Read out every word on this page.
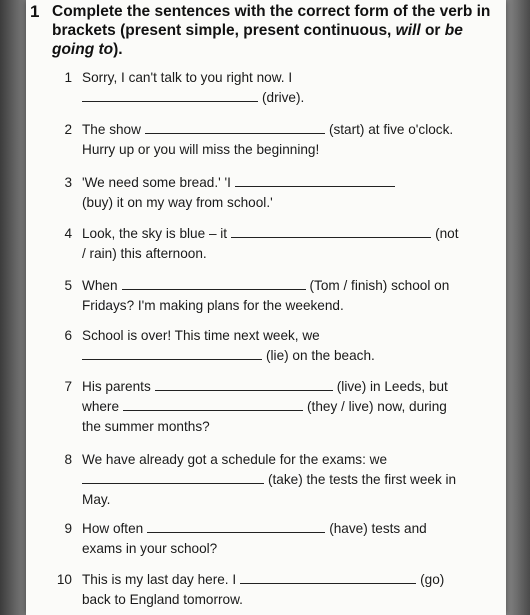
1 Complete the sentences with the correct form of the verb in brackets (present simple, present continuous, will or be going to).
1 Sorry, I can't talk to you right now. I
(drive).
2 The show	(start) at five o'clock.
Hurry up or you will miss the beginning!
3 'We need some bread.' 'I
(buy) it on my way from school.'
4 Look, the sky is blue – it	(not
/ rain) this afternoon.
5 When	(Tom / finish) school on
Fridays? I'm making plans for the weekend.
6 School is over! This time next week, we
(lie) on the beach.
7 His parents	(live) in Leeds, but
where	(they / live) now, during
the summer months?
8 We have already got a schedule for the exams: we
(take) the tests the first week in
May.
9 How often	(have) tests and
exams in your school?
10 This is my last day here. I	(go)
back to England tomorrow.
